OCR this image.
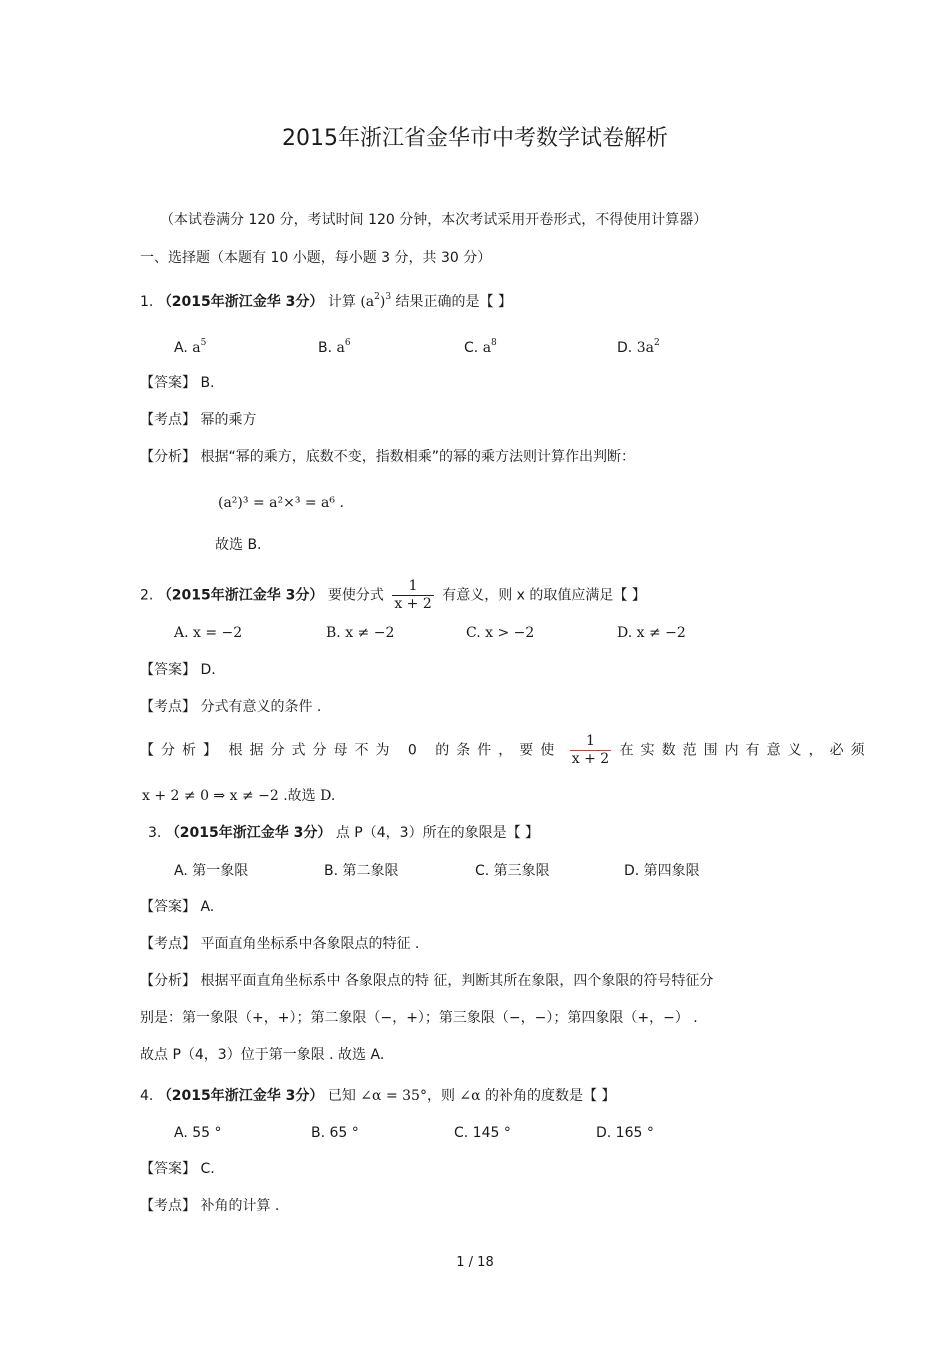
2015年浙江省金华市中考数学试卷解析
（本试卷满分 120 分，考试时间 120 分钟，本次考试采用开卷形式，不得使用计算器）
一、选择题（本题有 10 小题，每小题 3 分，共 30 分）
1. （2015年浙江金华 3分） 计算 $(a^2)^3$ 结果正确的是【 】
A. $a^5$	B. $a^6$	C. $a^8$	D. $3a^2$
【答案】 B.
【考点】 幂的乘方
【分析】 根据“幂的乘方，底数不变，指数相乘”的幂的乘方法则计算作出判断：
(a²)³ = a²×³ = a⁶ .
故选 B.
2. （2015年浙江金华 3分） 要使分式 $\frac{1}{x + 2}$ 有意义，则 x 的取值应满足【 】
A. x = −2	B. x ≠ −2	C. x > −2	D. x ≠ −2
【答案】 D.
【考点】 分式有意义的条件 .
【分析】 根据分式分母不为 0 的条件，要使 $\frac{1}{x + 2}$ 在实数范围内有意义，必须
x + 2 ≠ 0 ⇒ x ≠ −2 .故选 D.
3. （2015年浙江金华 3分） 点 P（4，3）所在的象限是【 】
A. 第一象限	B. 第二象限	C. 第三象限	D. 第四象限
【答案】 A.
【考点】 平面直角坐标系中各象限点的特征 .
【分析】 根据平面直角坐标系中 各象限点的特 征，判断其所在象限，四个象限的符号特征分
别是：第一象限（+，+）；第二象限（−，+）；第三象限（−，−）；第四象限（+，−） .
故点 P（4，3）位于第一象限 . 故选 A.
4. （2015年浙江金华 3分） 已知 ∠α = 35°，则 ∠α 的补角的度数是【 】
A. 55 °	B. 65 °	C. 145 °	D. 165 °
【答案】 C.
【考点】 补角的计算 .
1 / 18
